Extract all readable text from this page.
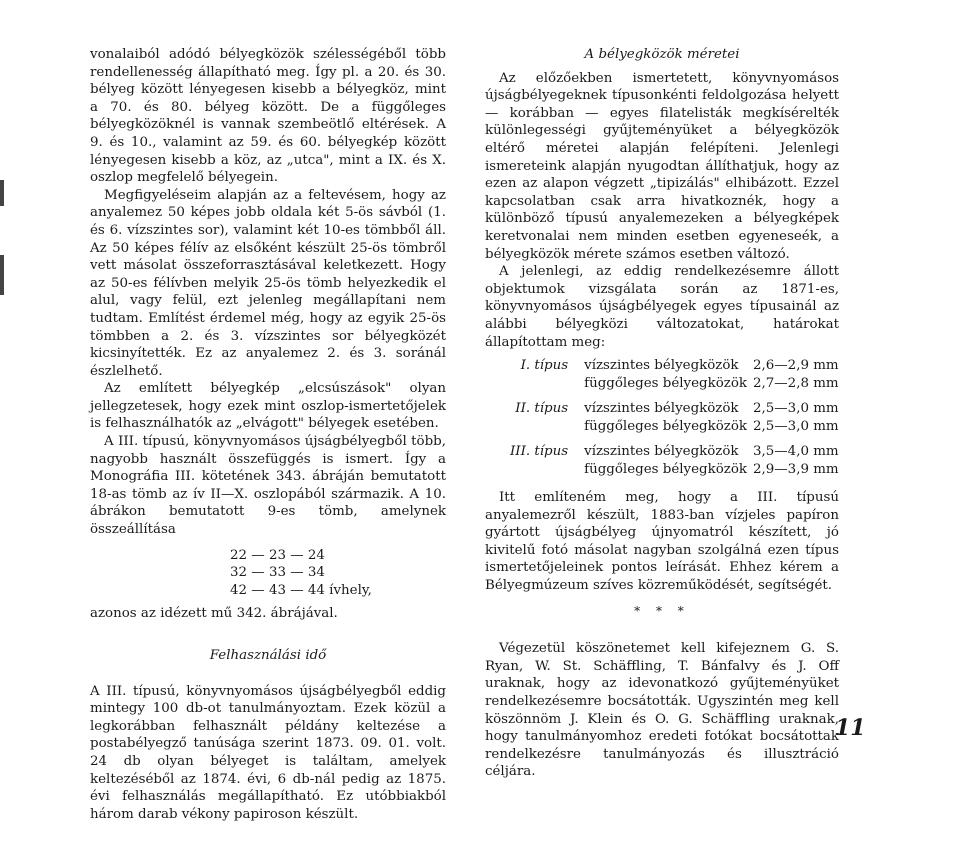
vonalaiból adódó bélyegközök szélességéből több rendellenesség állapítható meg. Így pl. a 20. és 30. bélyeg között lényegesen kisebb a bélyegköz, mint a 70. és 80. bélyeg között. De a függőleges bélyegközöknél is vannak szembeötlő eltérések. A 9. és 10., valamint az 59. és 60. bélyegkép között lényegesen kisebb a köz, az „utca", mint a IX. és X. oszlop megfelelő bélyegein.

Megfigyeléseim alapján az a feltevésem, hogy az anyalemez 50 képes jobb oldala két 5-ös sávból (1. és 6. vízszintes sor), valamint két 10-es tömbből áll. Az 50 képes félív az elsőként készült 25-ös tömbről vett másolat összeforrasztásával keletkezett. Hogy az 50-es félívben melyik 25-ös tömb helyezkedik el alul, vagy felül, ezt jelenleg megállapítani nem tudtam. Említést érdemel még, hogy az egyik 25-ös tömbben a 2. és 3. vízszintes sor bélyegközét kicsinyítették. Ez az anyalemez 2. és 3. soránál észlelhető.

Az említett bélyegkép „elcsúszások" olyan jellegzetesek, hogy ezek mint oszlop-ismertetőjelek is felhasználhatók az „elvágott" bélyegek esetében.

A III. típusú, könyvnyomásos újságbélyegből több, nagyobb használt összefüggés is ismert. Így a Monográfia III. kötetének 343. ábráján bemutatott 18-as tömb az ív II—X. oszlopából származik. A 10. ábrákon bemutatott 9-es tömb, amelynek összeállítása

22 — 23 — 24
32 — 33 — 34
42 — 43 — 44 ívhely,

azonos az idézett mű 342. ábrájával.

Felhasználási idő

A III. típusú, könyvnyomásos újságbélyegből eddig mintegy 100 db-ot tanulmányoztam. Ezek közül a legkorábban felhasznált példány keltezése a postabélyegző tanúsága szerint 1873. 09. 01. volt. 24 db olyan bélyeget is találtam, amelyek keltezéséből az 1874. évi, 6 db-nál pedig az 1875. évi felhasználás megállapítható. Ez utóbbiakból három darab vékony papiroson készült.

A bélyegközök méretei

Az előzőekben ismertetett, könyvnyomásos újságbélyegeknek típusonkénti feldolgozása helyett — korábban — egyes filatelisták megkísérelték különlegességi gyűjteményüket a bélyegközök eltérő méretei alapján felépíteni. Jelenlegi ismereteink alapján nyugodtan állíthatjuk, hogy az ezen az alapon végzett „tipizálás" elhibázott. Ezzel kapcsolatban csak arra hivatkoznék, hogy a különböző típusú anyalemezeken a bélyegképek keretvonalai nem minden esetben egyeneseék, a bélyegközök mérete számos esetben változó.

A jelenlegi, az eddig rendelkezésemre állott objektumok vizsgálata során az 1871-es, könyvnyomásos újságbélyegek egyes típusainál az alábbi bélyegközi változatokat, határokat állapítottam meg:

I. típus	vízszintes bélyegközök	2,6—2,9 mm
	függőleges bélyegközök	2,7—2,8 mm
II. típus	vízszintes bélyegközök	2,5—3,0 mm
	függőleges bélyegközök	2,5—3,0 mm
III. típus	vízszintes bélyegközök	3,5—4,0 mm
	függőleges bélyegközök	2,9—3,9 mm

Itt említeném meg, hogy a III. típusú anyalemezről készült, 1883-ban vízjeles papíron gyártott újságbélyeg újnyomatról készített, jó kivitelű fotó másolat nagyban szolgálná ezen típus ismertetőjeleinek pontos leírását. Ehhez kérem a Bélyegmúzeum szíves közreműködését, segítségét.

* * *

Végezetül köszönetemet kell kifejeznem G. S. Ryan, W. St. Schäffling, T. Bánfalvy és J. Off uraknak, hogy az idevonatkozó gyűjteményüket rendelkezésemre bocsátották. Ugyszintén meg kell köszönnöm J. Klein és O. G. Schäffling uraknak, hogy tanulmányomhoz eredeti fotókat bocsátottak rendelkezésre tanulmányozás és illusztráció céljára.

11
